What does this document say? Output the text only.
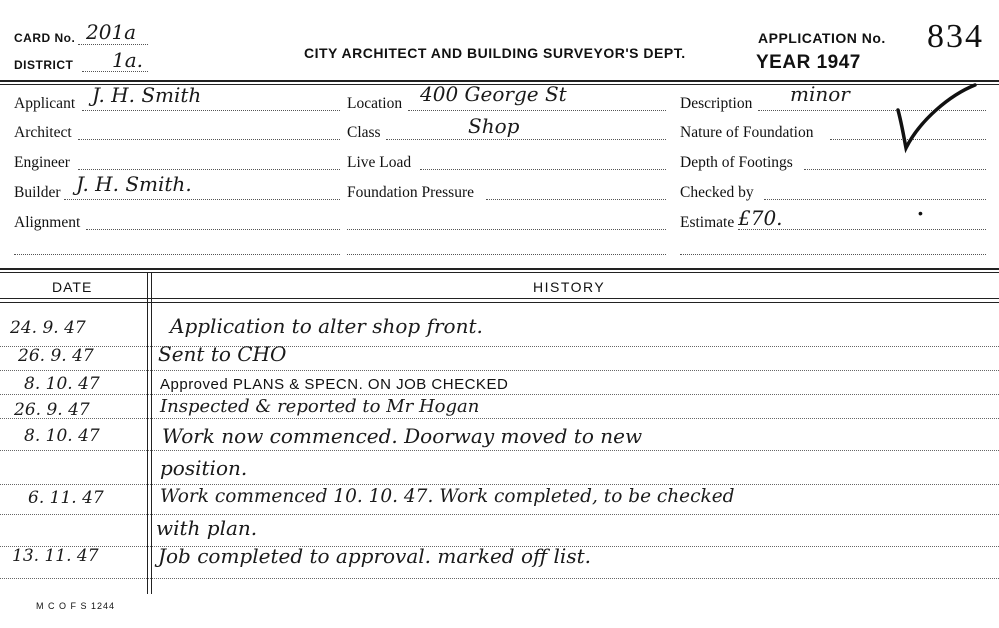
CARD No. 201a
DISTRICT 1a.	CITY ARCHITECT AND BUILDING SURVEYOR'S DEPT.
APPLICATION No. 834
YEAR 1947
Applicant J. H. Smith
Architect
Engineer
Builder J. H. Smith.
Alignment
Location 400 George St
Class	Shop
Live Load
Foundation Pressure
Description minor
Nature of Foundation
Depth of Footings
Checked by
Estimate £70.	•
DATE	HISTORY
24. 9. 47	Application to alter shop front.
26. 9. 47	Sent to CHO
8. 10. 47	Approved PLANS & SPECN. ON JOB CHECKED
26. 9. 47	Inspected & reported to Mr Hogan
8. 10. 47	Work now commenced. Doorway moved to new
position.
6. 11. 47	Work commenced 10. 10. 47. Work completed, to be checked
with plan.
13. 11. 47	Job completed to approval. marked off list.
M C O F S 1244
